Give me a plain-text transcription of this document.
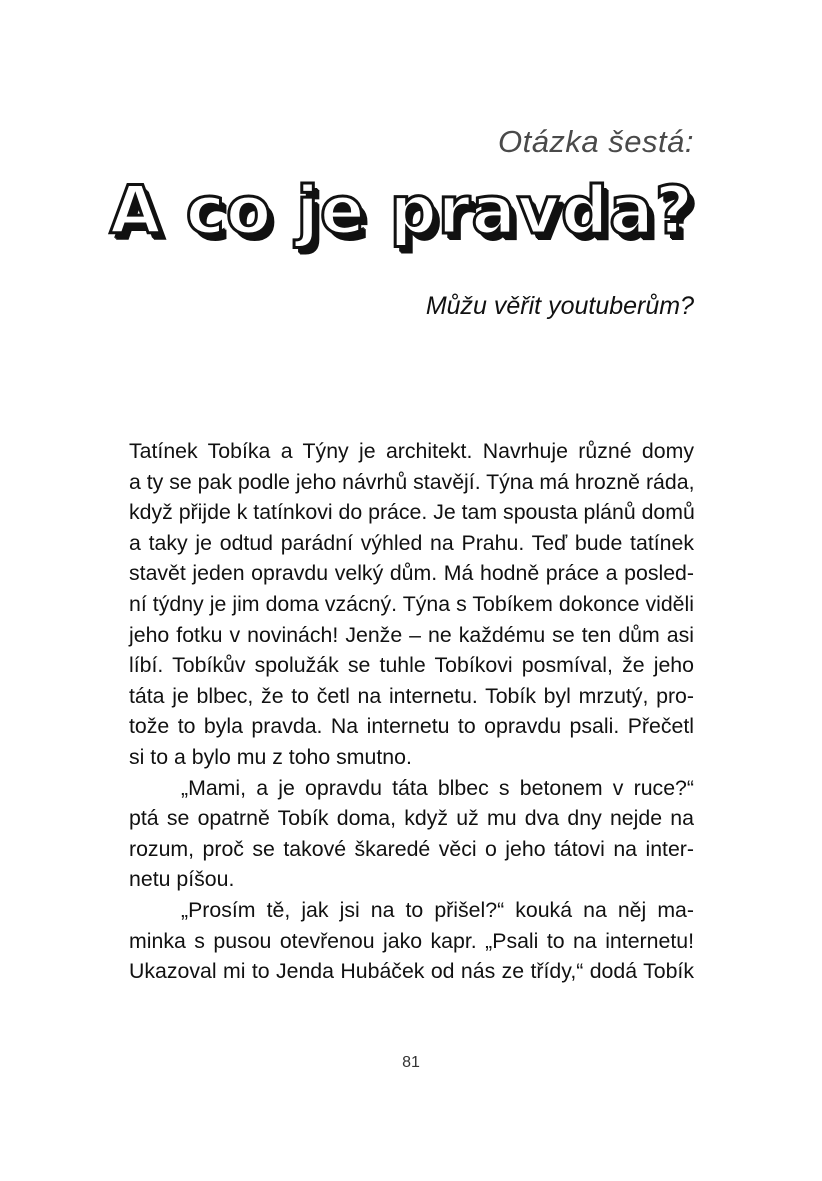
Otázka šestá:
A co je pravda?
Můžu věřit youtuberům?
Tatínek Tobíka a Týny je architekt. Navrhuje různé domy
a ty se pak podle jeho návrhů stavějí. Týna má hrozně ráda,
když přijde k tatínkovi do práce. Je tam spousta plánů domů
a taky je odtud parádní výhled na Prahu. Teď bude tatínek
stavět jeden opravdu velký dům. Má hodně práce a posled-
ní týdny je jim doma vzácný. Týna s Tobíkem dokonce viděli
jeho fotku v novinách! Jenže – ne každému se ten dům asi
líbí. Tobíkův spolužák se tuhle Tobíkovi posmíval, že jeho
táta je blbec, že to četl na internetu. Tobík byl mrzutý, pro-
tože to byla pravda. Na internetu to opravdu psali. Přečetl
si to a bylo mu z toho smutno.
„Mami, a je opravdu táta blbec s betonem v ruce?“
ptá se opatrně Tobík doma, když už mu dva dny nejde na
rozum, proč se takové škaredé věci o jeho tátovi na inter-
netu píšou.
„Prosím tě, jak jsi na to přišel?“ kouká na něj ma-
minka s pusou otevřenou jako kapr. „Psali to na internetu!
Ukazoval mi to Jenda Hubáček od nás ze třídy,“ dodá Tobík
81
